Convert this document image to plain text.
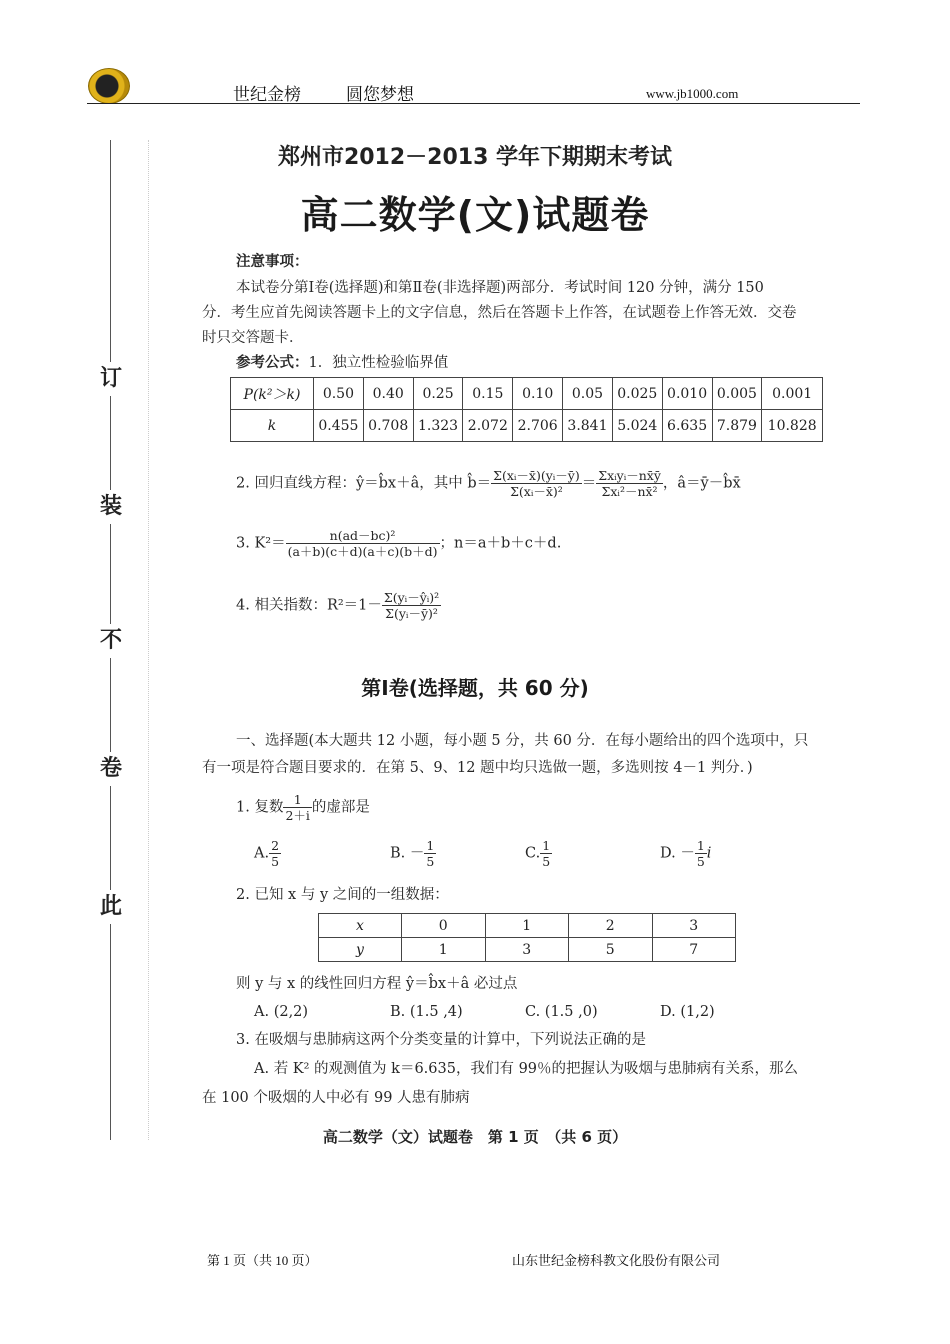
世纪金榜	圆您梦想	www.jb1000.com
订
装
不
卷
此
郑州市2012－2013 学年下期期末考试
高二数学(文)试题卷
注意事项：
本试卷分第Ⅰ卷(选择题)和第Ⅱ卷(非选择题)两部分．考试时间 120 分钟，满分 150
分．考生应首先阅读答题卡上的文字信息，然后在答题卡上作答，在试题卷上作答无效．交卷
时只交答题卡．
参考公式：1．独立性检验临界值
P(k²＞k)	0.50	0.40	0.25	0.15	0.10	0.05	0.025	0.010	0.005	0.001
k	0.455	0.708	1.323	2.072	2.706	3.841	5.024	6.635	7.879	10.828
2. 回归直线方程：ŷ＝b̂x＋â，其中 b̂＝ $\frac{\text{Σ(xᵢ－x̄)(yᵢ－ȳ)}}{\text{Σ(xᵢ－x̄)²}} = \frac{\text{Σxᵢyᵢ－nx̄ȳ}}{\text{Σxᵢ²－nx̄²}}$ ，â＝ȳ－b̂x̄
3. $K^2= \frac{\text{n(ad－bc)²}}{(a+b)(c+d)(a+c)(b+d)}$ ；n＝a＋b＋c＋d.
4. 相关指数：$R^2=1- \frac{\text{Σ(yᵢ－ŷᵢ)²}}{\text{Σ(yᵢ－ȳ)²}}$
第Ⅰ卷(选择题，共 60 分)
一、选择题(本大题共 12 小题，每小题 5 分，共 60 分．在每小题给出的四个选项中，只
有一项是符合题目要求的．在第 5、9、12 题中均只选做一题，多选则按 4－1 判分．)
1. 复数 $\frac{1}{2+i}$ 的虚部是
A. $\frac{2}{5}$	B. － $\frac{1}{5}$	C. $\frac{1}{5}$	D. － $\frac{1}{5}$ i
2. 已知 x 与 y 之间的一组数据：
x	0	1	2	3
y	1	3	5	7
则 y 与 x 的线性回归方程 ŷ＝b̂x＋â 必过点
A. (2,2)	B. (1.5 ,4)	C. (1.5 ,0)	D. (1,2)
3. 在吸烟与患肺病这两个分类变量的计算中，下列说法正确的是
A. 若 K² 的观测值为 k＝6.635，我们有 99％的把握认为吸烟与患肺病有关系，那么
在 100 个吸烟的人中必有 99 人患有肺病
高二数学（文）试题卷　第 1 页　（共 6 页）
第 1 页（共 10 页）	山东世纪金榜科教文化股份有限公司
